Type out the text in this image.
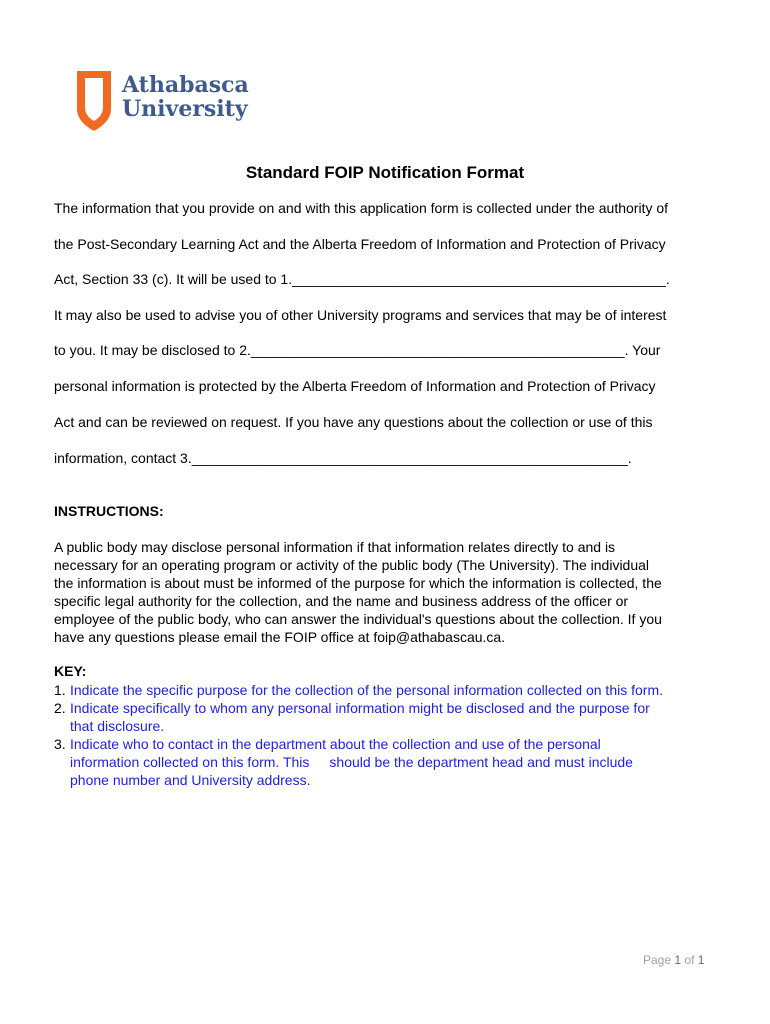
Athabasca
University
Standard FOIP Notification Format
The information that you provide on and with this application form is collected under the authority of
the Post-Secondary Learning Act and the Alberta Freedom of Information and Protection of Privacy
Act, Section 33 (c). It will be used to 1.________________________________________________.
It may also be used to advise you of other University programs and services that may be of interest
to you. It may be disclosed to 2.________________________________________________. Your
personal information is protected by the Alberta Freedom of Information and Protection of Privacy
Act and can be reviewed on request. If you have any questions about the collection or use of this
information, contact 3.________________________________________________________.
INSTRUCTIONS:
A public body may disclose personal information if that information relates directly to and is
necessary for an operating program or activity of the public body (The University). The individual
the information is about must be informed of the purpose for which the information is collected, the
specific legal authority for the collection, and the name and business address of the officer or
employee of the public body, who can answer the individual's questions about the collection. If you
have any questions please email the FOIP office at foip@athabascau.ca.
KEY:
1. Indicate the specific purpose for the collection of the personal information collected on this form.
2. Indicate specifically to whom any personal information might be disclosed and the purpose for
that disclosure.
3. Indicate who to contact in the department about the collection and use of the personal
information collected on this form. This should be the department head and must include
phone number and University address.
Page 1 of 1
